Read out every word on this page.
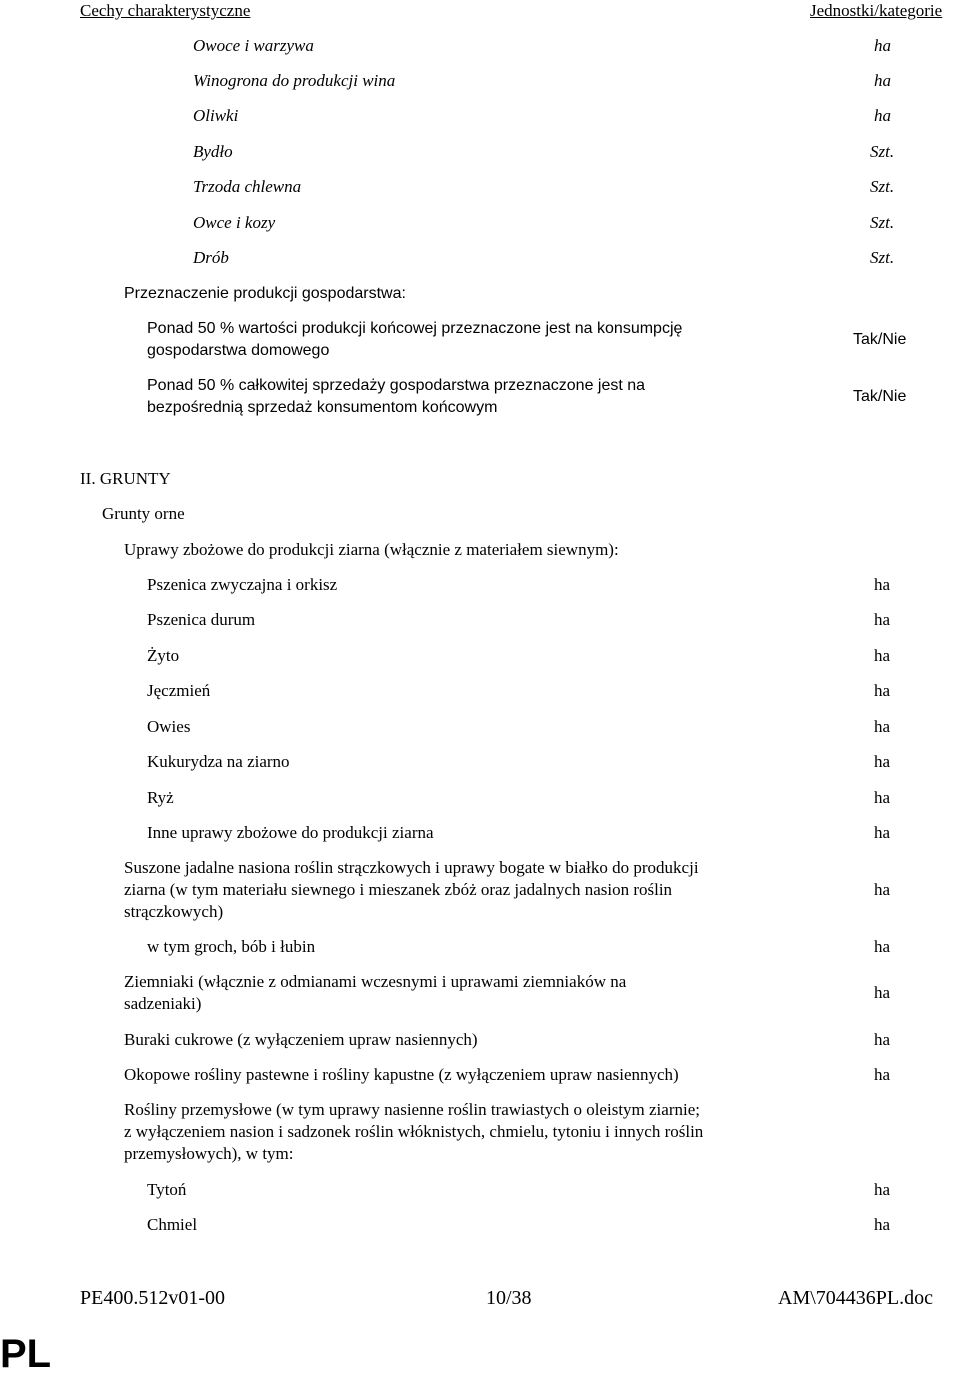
Cechy charakterystyczne	Jednostki/kategorie
Owoce i warzywa	ha
Winogrona do produkcji wina	ha
Oliwki	ha
Bydło	Szt.
Trzoda chlewna	Szt.
Owce i kozy	Szt.
Drób	Szt.
Przeznaczenie produkcji gospodarstwa:
Ponad 50 % wartości produkcji końcowej przeznaczone jest na konsumpcję
gospodarstwa domowego
Tak/Nie
Ponad 50 % całkowitej sprzedaży gospodarstwa przeznaczone jest na
bezpośrednią sprzedaż konsumentom końcowym
Tak/Nie
II. GRUNTY
Grunty orne
Uprawy zbożowe do produkcji ziarna (włącznie z materiałem siewnym):
Pszenica zwyczajna i orkisz	ha
Pszenica durum	ha
Żyto	ha
Jęczmień	ha
Owies	ha
Kukurydza na ziarno	ha
Ryż	ha
Inne uprawy zbożowe do produkcji ziarna	ha
Suszone jadalne nasiona roślin strączkowych i uprawy bogate w białko do produkcji
ziarna (w tym materiału siewnego i mieszanek zbóż oraz jadalnych nasion roślin
strączkowych)
ha
w tym groch, bób i łubin	ha
Ziemniaki (włącznie z odmianami wczesnymi i uprawami ziemniaków na
sadzeniaki)
ha
Buraki cukrowe (z wyłączeniem upraw nasiennych)	ha
Okopowe rośliny pastewne i rośliny kapustne (z wyłączeniem upraw nasiennych)	ha
Rośliny przemysłowe (w tym uprawy nasienne roślin trawiastych o oleistym ziarnie;
z wyłączeniem nasion i sadzonek roślin włóknistych, chmielu, tytoniu i innych roślin
przemysłowych), w tym:
Tytoń	ha
Chmiel	ha
PE400.512v01-00	10/38	AM\704436PL.doc
PL
